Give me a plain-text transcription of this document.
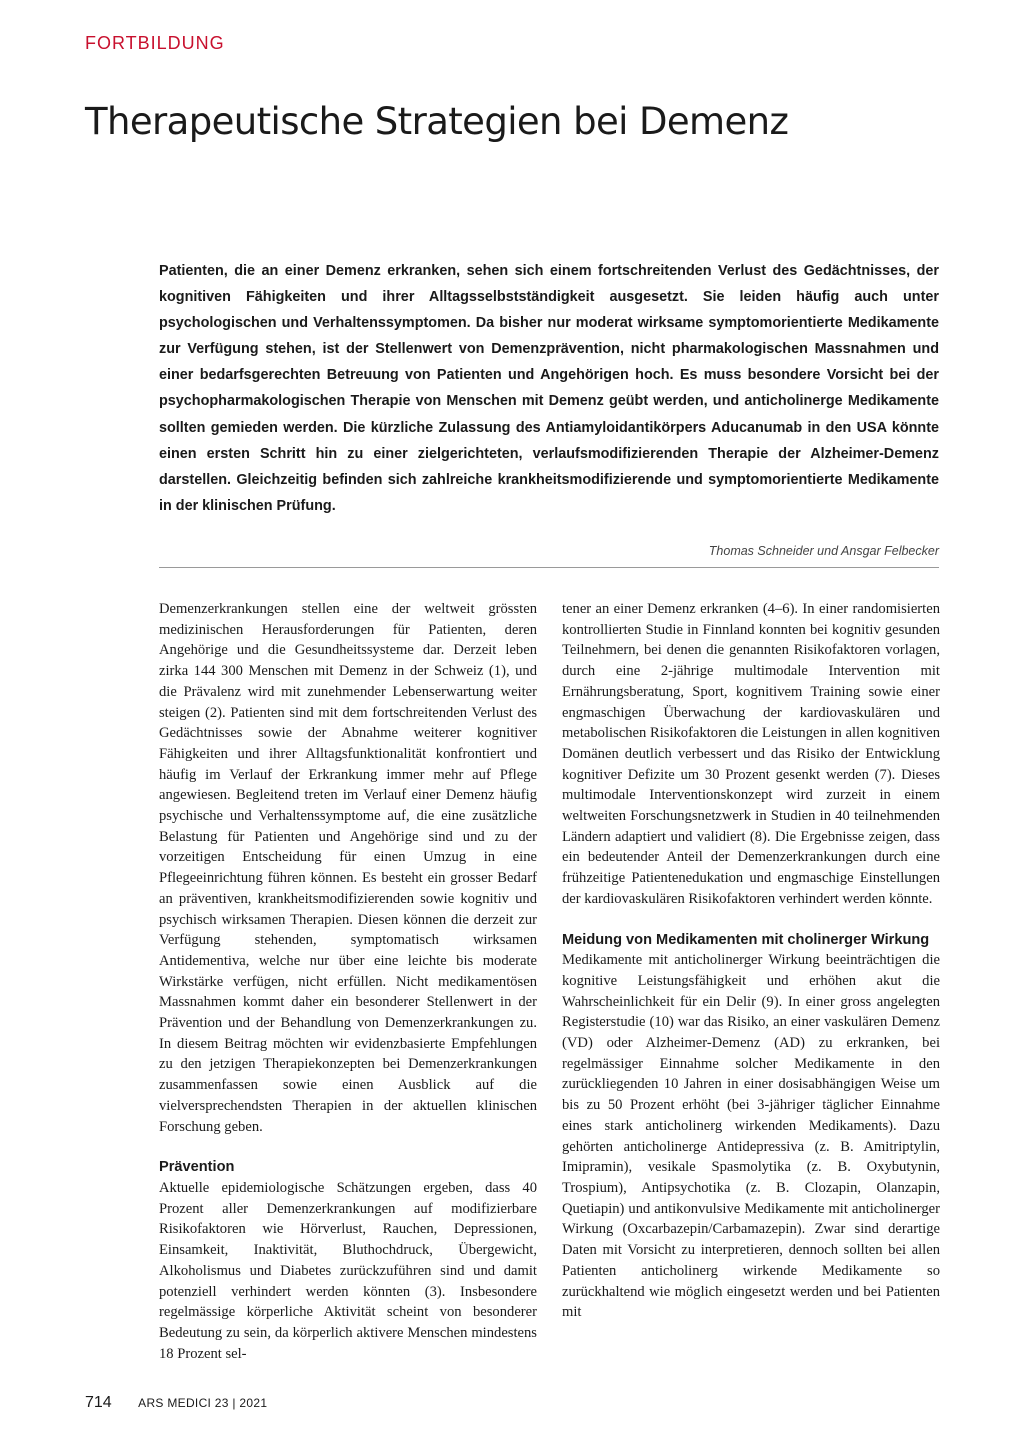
FORTBILDUNG
Therapeutische Strategien bei Demenz

Patienten, die an einer Demenz erkranken, sehen sich einem fortschreitenden Verlust des Gedächtnisses, der kognitiven Fähigkeiten und ihrer Alltagsselbstständigkeit ausgesetzt. Sie leiden häufig auch unter psychologischen und Verhaltenssymptomen. Da bisher nur moderat wirksame symptomorientierte Medikamente zur Verfügung stehen, ist der Stellenwert von Demenzprävention, nicht pharmakologischen Massnahmen und einer bedarfsgerechten Betreuung von Patienten und Angehörigen hoch. Es muss besondere Vorsicht bei der psychopharmakologischen Therapie von Menschen mit Demenz geübt werden, und anticholinerge Medikamente sollten gemieden werden. Die kürzliche Zulassung des Antiamyloidantikörpers Aducanumab in den USA könnte einen ersten Schritt hin zu einer zielgerichteten, verlaufsmodifizierenden Therapie der Alzheimer-Demenz darstellen. Gleichzeitig befinden sich zahlreiche krankheitsmodifizierende und symptomorientierte Medikamente in der klinischen Prüfung.

Thomas Schneider und Ansgar Felbecker

Demenzerkrankungen stellen eine der weltweit grössten medizinischen Herausforderungen für Patienten, deren Angehörige und die Gesundheitssysteme dar. Derzeit leben zirka 144 300 Menschen mit Demenz in der Schweiz (1), und die Prävalenz wird mit zunehmender Lebenserwartung weiter steigen (2). Patienten sind mit dem fortschreitenden Verlust des Gedächtnisses sowie der Abnahme weiterer kognitiver Fähigkeiten und ihrer Alltagsfunktionalität konfrontiert und häufig im Verlauf der Erkrankung immer mehr auf Pflege angewiesen. Begleitend treten im Verlauf einer Demenz häufig psychische und Verhaltenssymptome auf, die eine zusätzliche Belastung für Patienten und Angehörige sind und zu der vorzeitigen Entscheidung für einen Umzug in eine Pflegeeinrichtung führen können. Es besteht ein grosser Bedarf an präventiven, krankheitsmodifizierenden sowie kognitiv und psychisch wirksamen Therapien. Diesen können die derzeit zur Verfügung stehenden, symptomatisch wirksamen Antidementiva, welche nur über eine leichte bis moderate Wirkstärke verfügen, nicht erfüllen. Nicht medikamentösen Massnahmen kommt daher ein besonderer Stellenwert in der Prävention und der Behandlung von Demenzerkrankungen zu. In diesem Beitrag möchten wir evidenzbasierte Empfehlungen zu den jetzigen Therapiekonzepten bei Demenzerkrankungen zusammenfassen sowie einen Ausblick auf die vielversprechendsten Therapien in der aktuellen klinischen Forschung geben.

Prävention

Aktuelle epidemiologische Schätzungen ergeben, dass 40 Prozent aller Demenzerkrankungen auf modifizierbare Risikofaktoren wie Hörverlust, Rauchen, Depressionen, Einsamkeit, Inaktivität, Bluthochdruck, Übergewicht, Alkoholismus und Diabetes zurückzuführen sind und damit potenziell verhindert werden könnten (3). Insbesondere regelmässige körperliche Aktivität scheint von besonderer Bedeutung zu sein, da körperlich aktivere Menschen mindestens 18 Prozent sel-

tener an einer Demenz erkranken (4–6). In einer randomisierten kontrollierten Studie in Finnland konnten bei kognitiv gesunden Teilnehmern, bei denen die genannten Risikofaktoren vorlagen, durch eine 2-jährige multimodale Intervention mit Ernährungsberatung, Sport, kognitivem Training sowie einer engmaschigen Überwachung der kardiovaskulären und metabolischen Risikofaktoren die Leistungen in allen kognitiven Domänen deutlich verbessert und das Risiko der Entwicklung kognitiver Defizite um 30 Prozent gesenkt werden (7). Dieses multimodale Interventionskonzept wird zurzeit in einem weltweiten Forschungsnetzwerk in Studien in 40 teilnehmenden Ländern adaptiert und validiert (8). Die Ergebnisse zeigen, dass ein bedeutender Anteil der Demenzerkrankungen durch eine frühzeitige Patientenedukation und engmaschige Einstellungen der kardiovaskulären Risikofaktoren verhindert werden könnte.

Meidung von Medikamenten mit cholinerger Wirkung

Medikamente mit anticholinerger Wirkung beeinträchtigen die kognitive Leistungsfähigkeit und erhöhen akut die Wahrscheinlichkeit für ein Delir (9). In einer gross angelegten Registerstudie (10) war das Risiko, an einer vaskulären Demenz (VD) oder Alzheimer-Demenz (AD) zu erkranken, bei regelmässiger Einnahme solcher Medikamente in den zurückliegenden 10 Jahren in einer dosisabhängigen Weise um bis zu 50 Prozent erhöht (bei 3-jähriger täglicher Einnahme eines stark anticholinerg wirkenden Medikaments). Dazu gehörten anticholinerge Antidepressiva (z. B. Amitriptylin, Imipramin), vesikale Spasmolytika (z. B. Oxybutynin, Trospium), Antipsychotika (z. B. Clozapin, Olanzapin, Quetiapin) und antikonvulsive Medikamente mit anticholinerger Wirkung (Oxcarbazepin/Carbamazepin). Zwar sind derartige Daten mit Vorsicht zu interpretieren, dennoch sollten bei allen Patienten anticholinerg wirkende Medikamente so zurückhaltend wie möglich eingesetzt werden und bei Patienten mit

714 ARS MEDICI 23 | 2021
